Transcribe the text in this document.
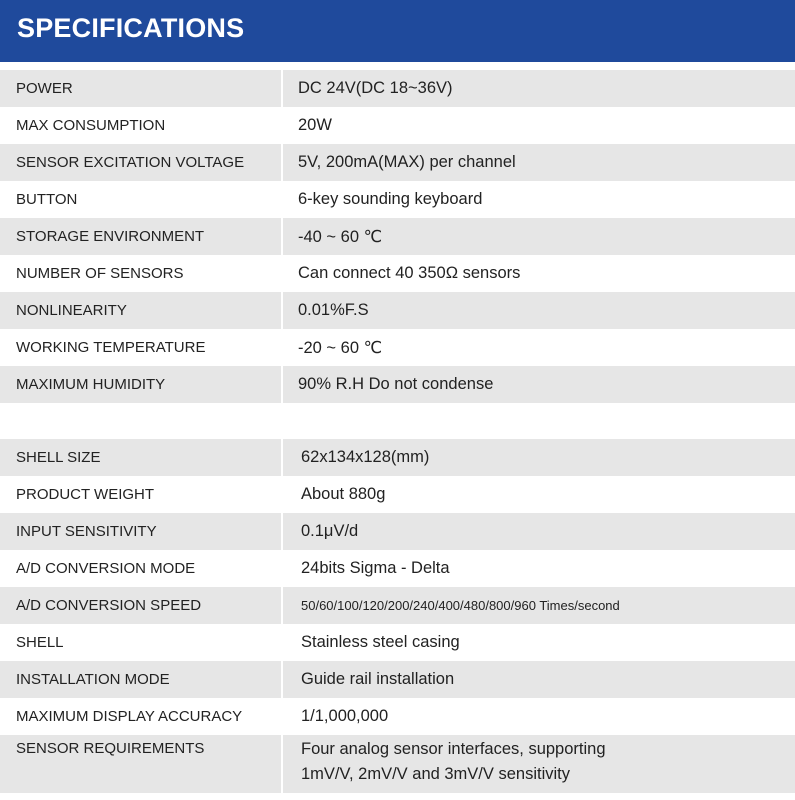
SPECIFICATIONS
POWER	DC 24V(DC 18~36V)
MAX CONSUMPTION	20W
SENSOR EXCITATION VOLTAGE	5V, 200mA(MAX) per channel
BUTTON	6-key sounding keyboard
STORAGE ENVIRONMENT	-40 ~ 60 ℃
NUMBER OF SENSORS	Can connect 40 350Ω sensors
NONLINEARITY	0.01%F.S
WORKING TEMPERATURE	-20 ~ 60 ℃
MAXIMUM HUMIDITY	90% R.H Do not condense
SHELL SIZE	62x134x128(mm)
PRODUCT WEIGHT	About 880g
INPUT SENSITIVITY	0.1μV/d
A/D CONVERSION MODE	24bits Sigma - Delta
A/D CONVERSION SPEED	50/60/100/120/200/240/400/480/800/960 Times/second
SHELL	Stainless steel casing
INSTALLATION MODE	Guide rail installation
MAXIMUM DISPLAY ACCURACY	1/1,000,000
SENSOR REQUIREMENTS	Four analog sensor interfaces, supporting
1mV/V, 2mV/V and 3mV/V sensitivity
